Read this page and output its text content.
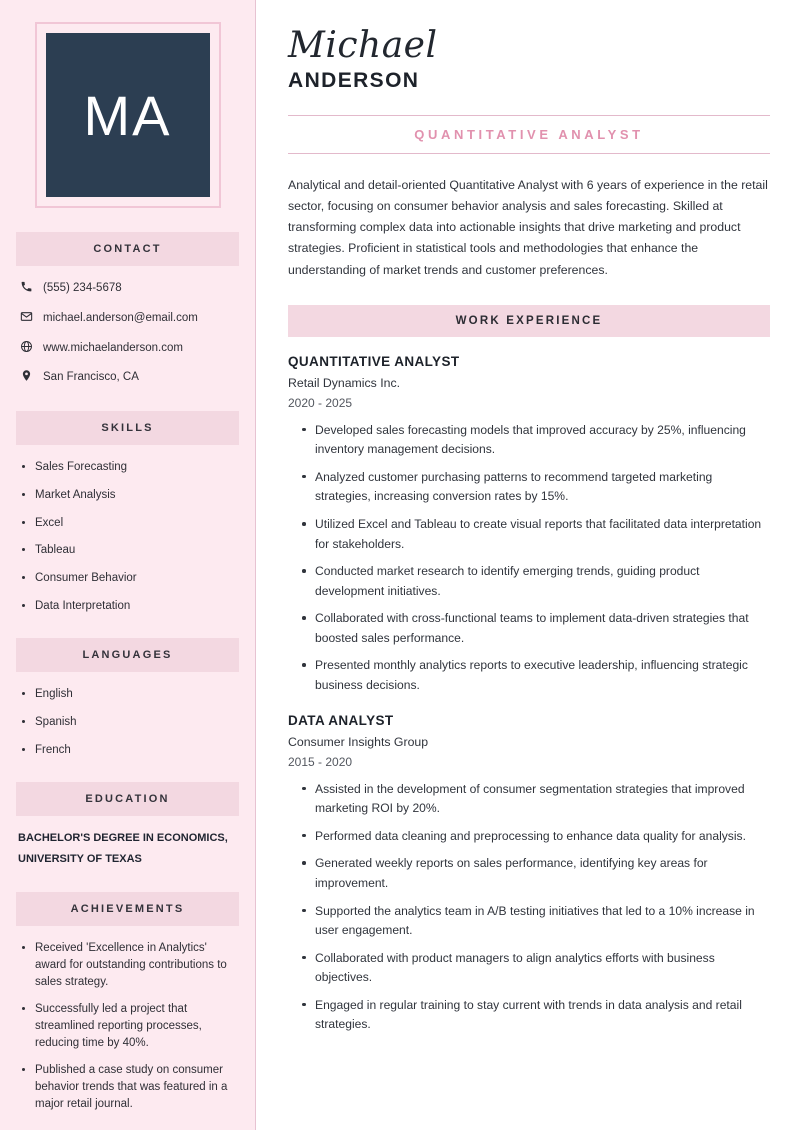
MA
CONTACT
(555) 234-5678
michael.anderson@email.com
www.michaelanderson.com
San Francisco, CA
SKILLS
Sales Forecasting
Market Analysis
Excel
Tableau
Consumer Behavior
Data Interpretation
LANGUAGES
English
Spanish
French
EDUCATION
BACHELOR'S DEGREE IN ECONOMICS,
UNIVERSITY OF TEXAS
ACHIEVEMENTS
Received 'Excellence in Analytics' award for outstanding contributions to sales strategy.
Successfully led a project that streamlined reporting processes, reducing time by 40%.
Published a case study on consumer behavior trends that was featured in a major retail journal.
Michael
ANDERSON
QUANTITATIVE ANALYST

Analytical and detail-oriented Quantitative Analyst with 6 years of experience in the retail sector, focusing on consumer behavior analysis and sales forecasting. Skilled at transforming complex data into actionable insights that drive marketing and product strategies. Proficient in statistical tools and methodologies that enhance the understanding of market trends and customer preferences.

WORK EXPERIENCE
QUANTITATIVE ANALYST
Retail Dynamics Inc.
2020 - 2025
Developed sales forecasting models that improved accuracy by 25%, influencing inventory management decisions.
Analyzed customer purchasing patterns to recommend targeted marketing strategies, increasing conversion rates by 15%.
Utilized Excel and Tableau to create visual reports that facilitated data interpretation for stakeholders.
Conducted market research to identify emerging trends, guiding product development initiatives.
Collaborated with cross-functional teams to implement data-driven strategies that boosted sales performance.
Presented monthly analytics reports to executive leadership, influencing strategic business decisions.
DATA ANALYST
Consumer Insights Group
2015 - 2020
Assisted in the development of consumer segmentation strategies that improved marketing ROI by 20%.
Performed data cleaning and preprocessing to enhance data quality for analysis.
Generated weekly reports on sales performance, identifying key areas for improvement.
Supported the analytics team in A/B testing initiatives that led to a 10% increase in user engagement.
Collaborated with product managers to align analytics efforts with business objectives.
Engaged in regular training to stay current with trends in data analysis and retail strategies.
